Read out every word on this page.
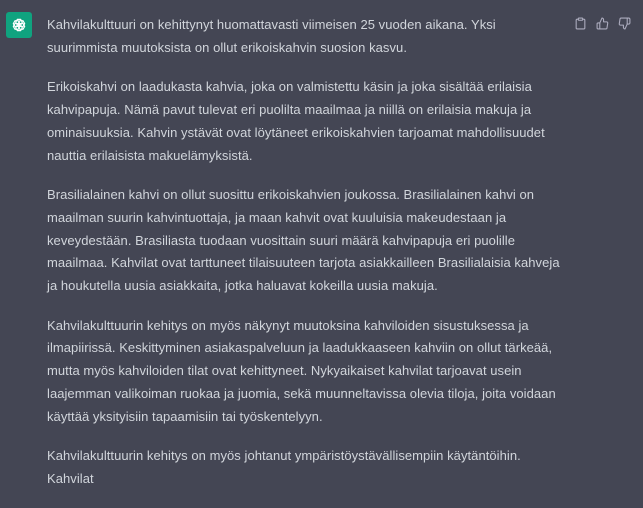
Kahvilakulttuuri on kehittynyt huomattavasti viimeisen 25 vuoden aikana. Yksi suurimmista muutoksista on ollut erikoiskahvin suosion kasvu.

Erikoiskahvi on laadukasta kahvia, joka on valmistettu käsin ja joka sisältää erilaisia kahvipapuja. Nämä pavut tulevat eri puolilta maailmaa ja niillä on erilaisia makuja ja ominaisuuksia. Kahvin ystävät ovat löytäneet erikoiskahvien tarjoamat mahdollisuudet nauttia erilaisista makuelämyksistä.

Brasilialainen kahvi on ollut suosittu erikoiskahvien joukossa. Brasilialainen kahvi on maailman suurin kahvintuottaja, ja maan kahvit ovat kuuluisia makeudestaan ja keveydestään. Brasiliasta tuodaan vuosittain suuri määrä kahvipapuja eri puolille maailmaa. Kahvilat ovat tarttuneet tilaisuuteen tarjota asiakkailleen Brasilialaisia kahveja ja houkutella uusia asiakkaita, jotka haluavat kokeilla uusia makuja.

Kahvilakulttuurin kehitys on myös näkynyt muutoksina kahviloiden sisustuksessa ja ilmapiirissä. Keskittyminen asiakaspalveluun ja laadukkaaseen kahviin on ollut tärkeää, mutta myös kahviloiden tilat ovat kehittyneet. Nykyaikaiset kahvilat tarjoavat usein laajemman valikoiman ruokaa ja juomia, sekä muunneltavissa olevia tiloja, joita voidaan käyttää yksityisiin tapaamisiin tai työskentelyyn.

Kahvilakulttuurin kehitys on myös johtanut ympäristöystävällisempiin käytäntöihin. Kahvilat
